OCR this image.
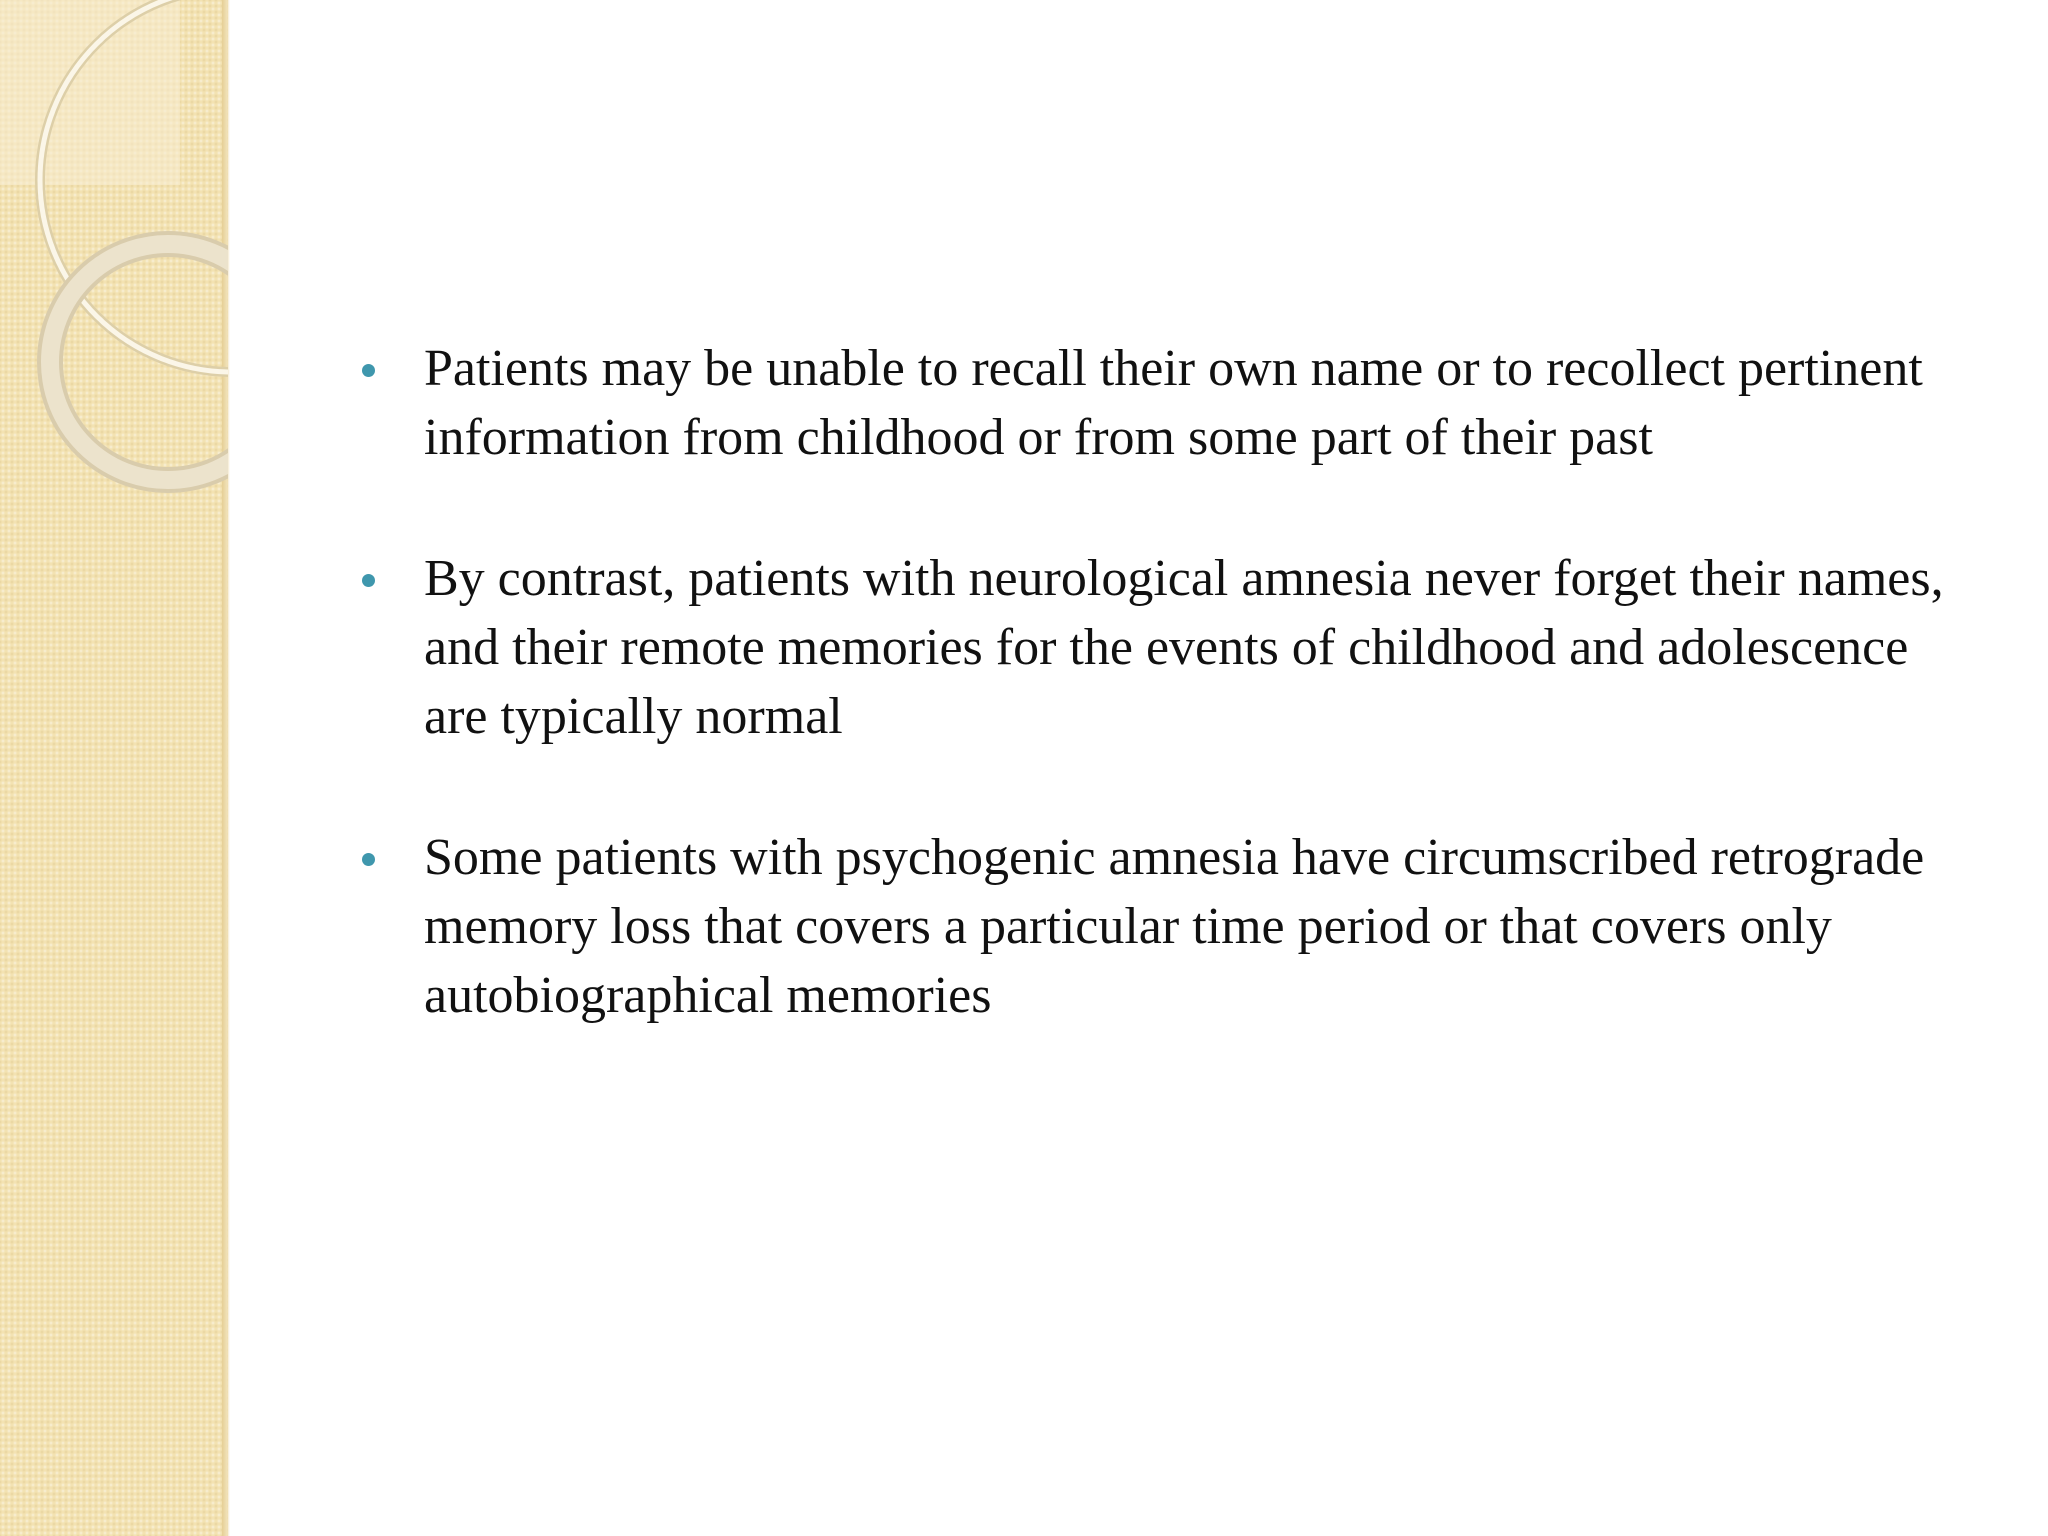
Patients may be unable to recall their own name or to recollect pertinent information from childhood or from some part of their past
By contrast, patients with neurological amnesia never forget their names, and their remote memories for the events of childhood and adolescence are typically normal
Some patients with psychogenic amnesia have circumscribed retrograde memory loss that covers a particular time period or that covers only autobiographical memories
